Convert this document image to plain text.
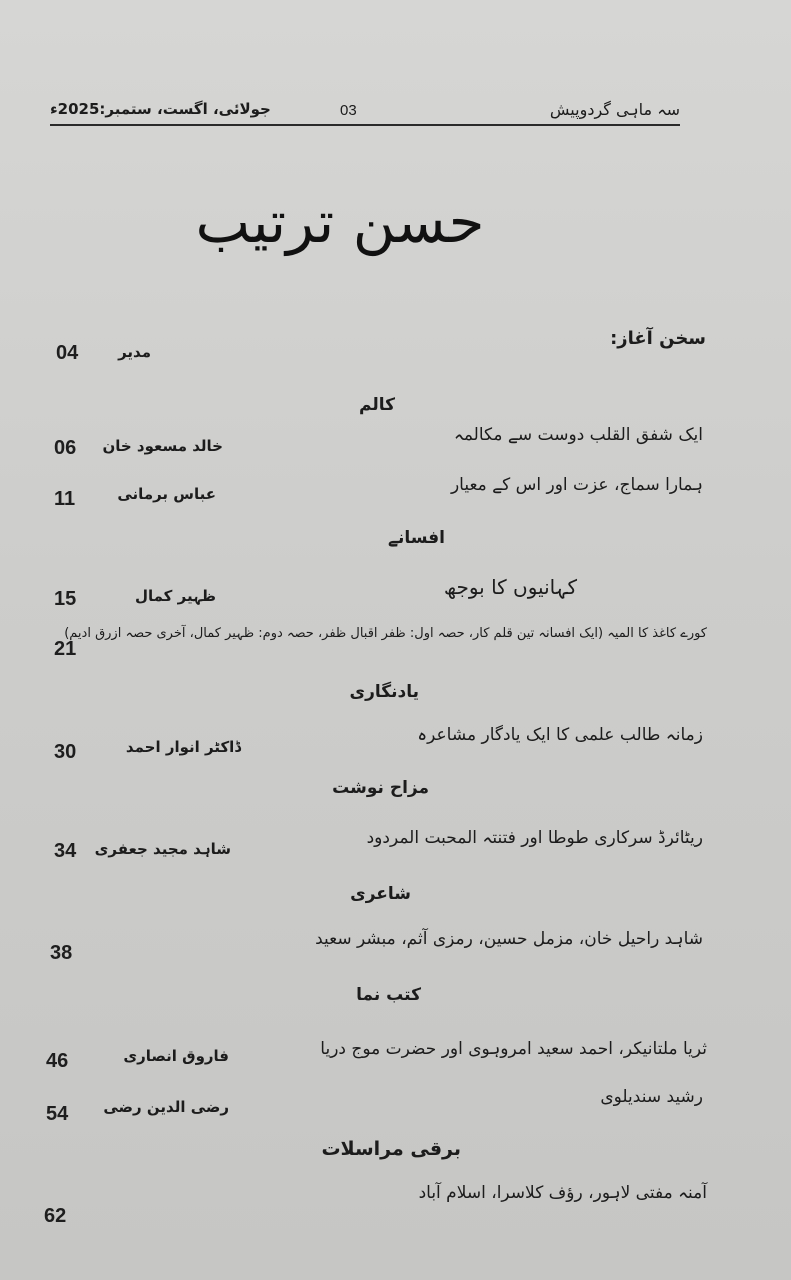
سہ ماہی گردوپیش
03
جولائی، اگست، ستمبر:2025ء
حسن ترتیب
سخن آغاز:
مدیر
04
کالم
ایک شفق القلب دوست سے مکالمہ
خالد مسعود خان
06
ہمارا سماج، عزت اور اس کے معیار
عباس برمانی
11
افسانے
کہانیوں کا بوجھ
ظہیر کمال
15
کورے کاغذ کا المیہ (ایک افسانہ تین قلم کار، حصہ اول: ظفر اقبال ظفر، حصہ دوم: ظہیر کمال، آخری حصہ ازرق ادیم)
21
یادنگاری
زمانہ طالب علمی کا ایک یادگار مشاعرہ
ڈاکٹر انوار احمد
30
مزاح نوشت
ریٹائرڈ سرکاری طوطا اور فتنتہ المحبت المردود
شاہد مجید جعفری
34
شاعری
شاہد راحیل خان، مزمل حسین، رمزی آثم، مبشر سعید
38
کتب نما
ثریا ملتانیکر، احمد سعید امروہوی اور حضرت موج دریا
فاروق انصاری
46
رشید سندیلوی
رضی الدین رضی
54
برقی مراسلات
آمنہ مفتی لاہور، رؤف کلاسرا، اسلام آباد
62
